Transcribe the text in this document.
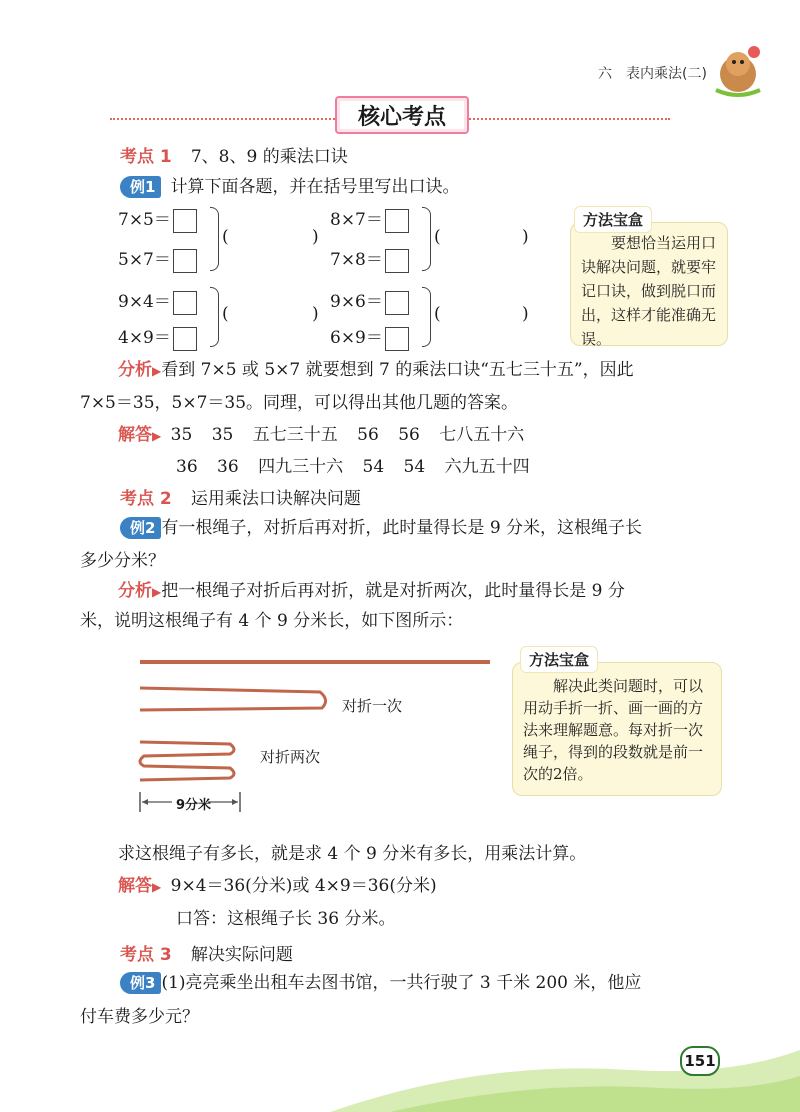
六　表内乘法(二)
核心考点
考点 1 7、8、9 的乘法口诀
例1 计算下面各题，并在括号里写出口诀。
7×5＝
5×7＝
(	)
8×7＝
7×8＝
(	)
9×4＝
4×9＝
(	)
9×6＝
6×9＝
(	)
要想恰当运用口诀解决问题，就要牢记口诀，做到脱口而出，这样才能准确无误。
方法宝盒
分析▶看到 7×5 或 5×7 就要想到 7 的乘法口诀“五七三十五”，因此
7×5＝35，5×7＝35。同理，可以得出其他几题的答案。
解答▶ 35 35 五七三十五 56 56 七八五十六
36 36 四九三十六 54 54 六九五十四
考点 2 运用乘法口诀解决问题
例2 有一根绳子，对折后再对折，此时量得长是 9 分米，这根绳子长
多少分米？
分析▶把一根绳子对折后再对折，就是对折两次，此时量得长是 9 分
米，说明这根绳子有 4 个 9 分米长，如下图所示：
对折一次
对折两次
9分米
解决此类问题时，可以用动手折一折、画一画的方法来理解题意。每对折一次绳子，得到的段数就是前一次的2倍。
方法宝盒
求这根绳子有多长，就是求 4 个 9 分米有多长，用乘法计算。
解答▶ 9×4＝36(分米)或 4×9＝36(分米)
口答：这根绳子长 36 分米。
考点 3 解决实际问题
例3 (1)亮亮乘坐出租车去图书馆，一共行驶了 3 千米 200 米，他应
付车费多少元？
151
